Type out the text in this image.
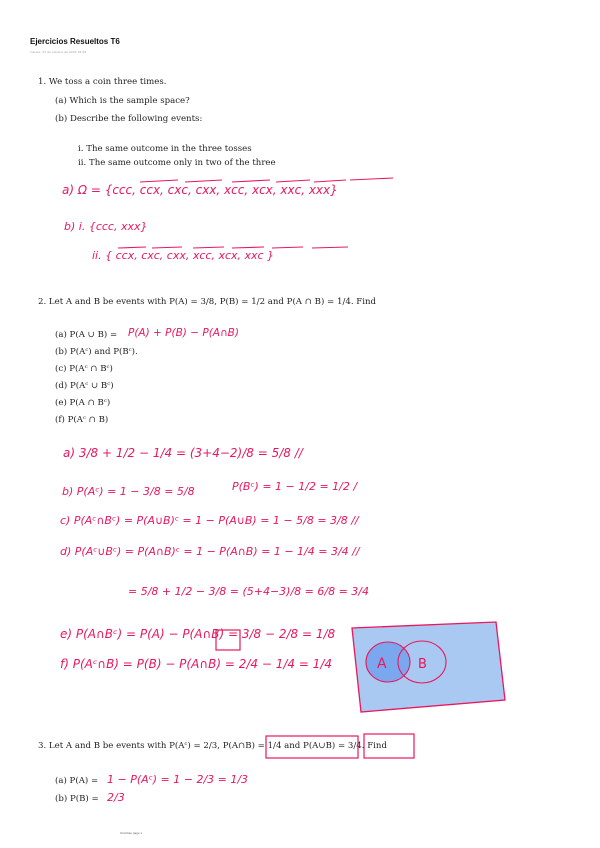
Ejercicios Resueltos T6
martes, 31 de octubre de 2023 16:29
1. We toss a coin three times.
(a) Which is the sample space?
(b) Describe the following events:
i. The same outcome in the three tosses
ii. The same outcome only in two of the three
a) Ω = {ccc, ccx, cxc, cxx, xcc, xcx, xxc, xxx}
b) i. {ccc, xxx}
ii. { ccx, cxc, cxx, xcc, xcx, xxc }
2. Let A and B be events with P(A) = 3/8, P(B) = 1/2 and P(A ∩ B) = 1/4. Find
(a) P(A ∪ B) = P(A) + P(B) − P(A∩B)
(b) P(Aᶜ) and P(Bᶜ).
(c) P(Aᶜ ∩ Bᶜ)
(d) P(Aᶜ ∪ Bᶜ)
(e) P(A ∩ Bᶜ)
(f) P(Aᶜ ∩ B)
a) 3/8 + 1/2 − 1/4 = (3+4−2)/8 = 5/8 //
b) P(Aᶜ) = 1 − 3/8 = 5/8	P(Bᶜ) = 1 − 1/2 = 1/2 /
c) P(Aᶜ∩Bᶜ) = P(A∪B)ᶜ = 1 − P(A∪B) = 1 − 5/8 = 3/8 //
d) P(Aᶜ∪Bᶜ) = P(A∩B)ᶜ = 1 − P(A∩B) = 1 − 1/4 = 3/4 //
= 5/8 + 1/2 − 3/8 = (5+4−3)/8 = 6/8 = 3/4
e) P(A∩Bᶜ) = P(A) − P(A∩B) = 3/8 − 2/8 = 1/8
f) P(Aᶜ∩B) = P(B) − P(A∩B) = 2/4 − 1/4 = 1/4	A B
3. Let A and B be events with P(Aᶜ) = 2/3, P(A∩B) = 1/4 and P(A∪B) = 3/4. Find
(a) P(A) = 1 − P(Aᶜ) = 1 − 2/3 = 1/3
(b) P(B) = 2/3
OneNote page 1
